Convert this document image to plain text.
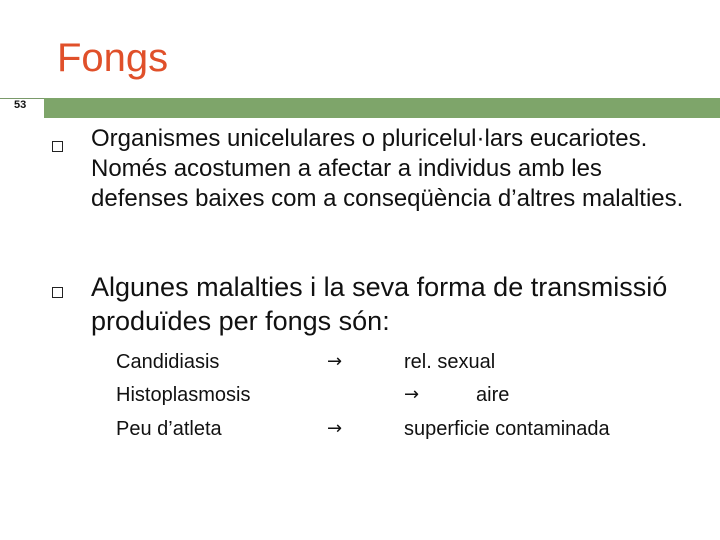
Fongs
53

Organismes unicelulares o pluricelul·lars eucariotes. Només acostumen a afectar a individus amb les defenses baixes com a conseqüència d’altres malalties.

Algunes malalties i la seva forma de transmissió produïdes per fongs són:

Candidiasis	→	rel. sexual
Histoplasmosis	→	aire
Peu d’atleta	→	superficie contaminada
